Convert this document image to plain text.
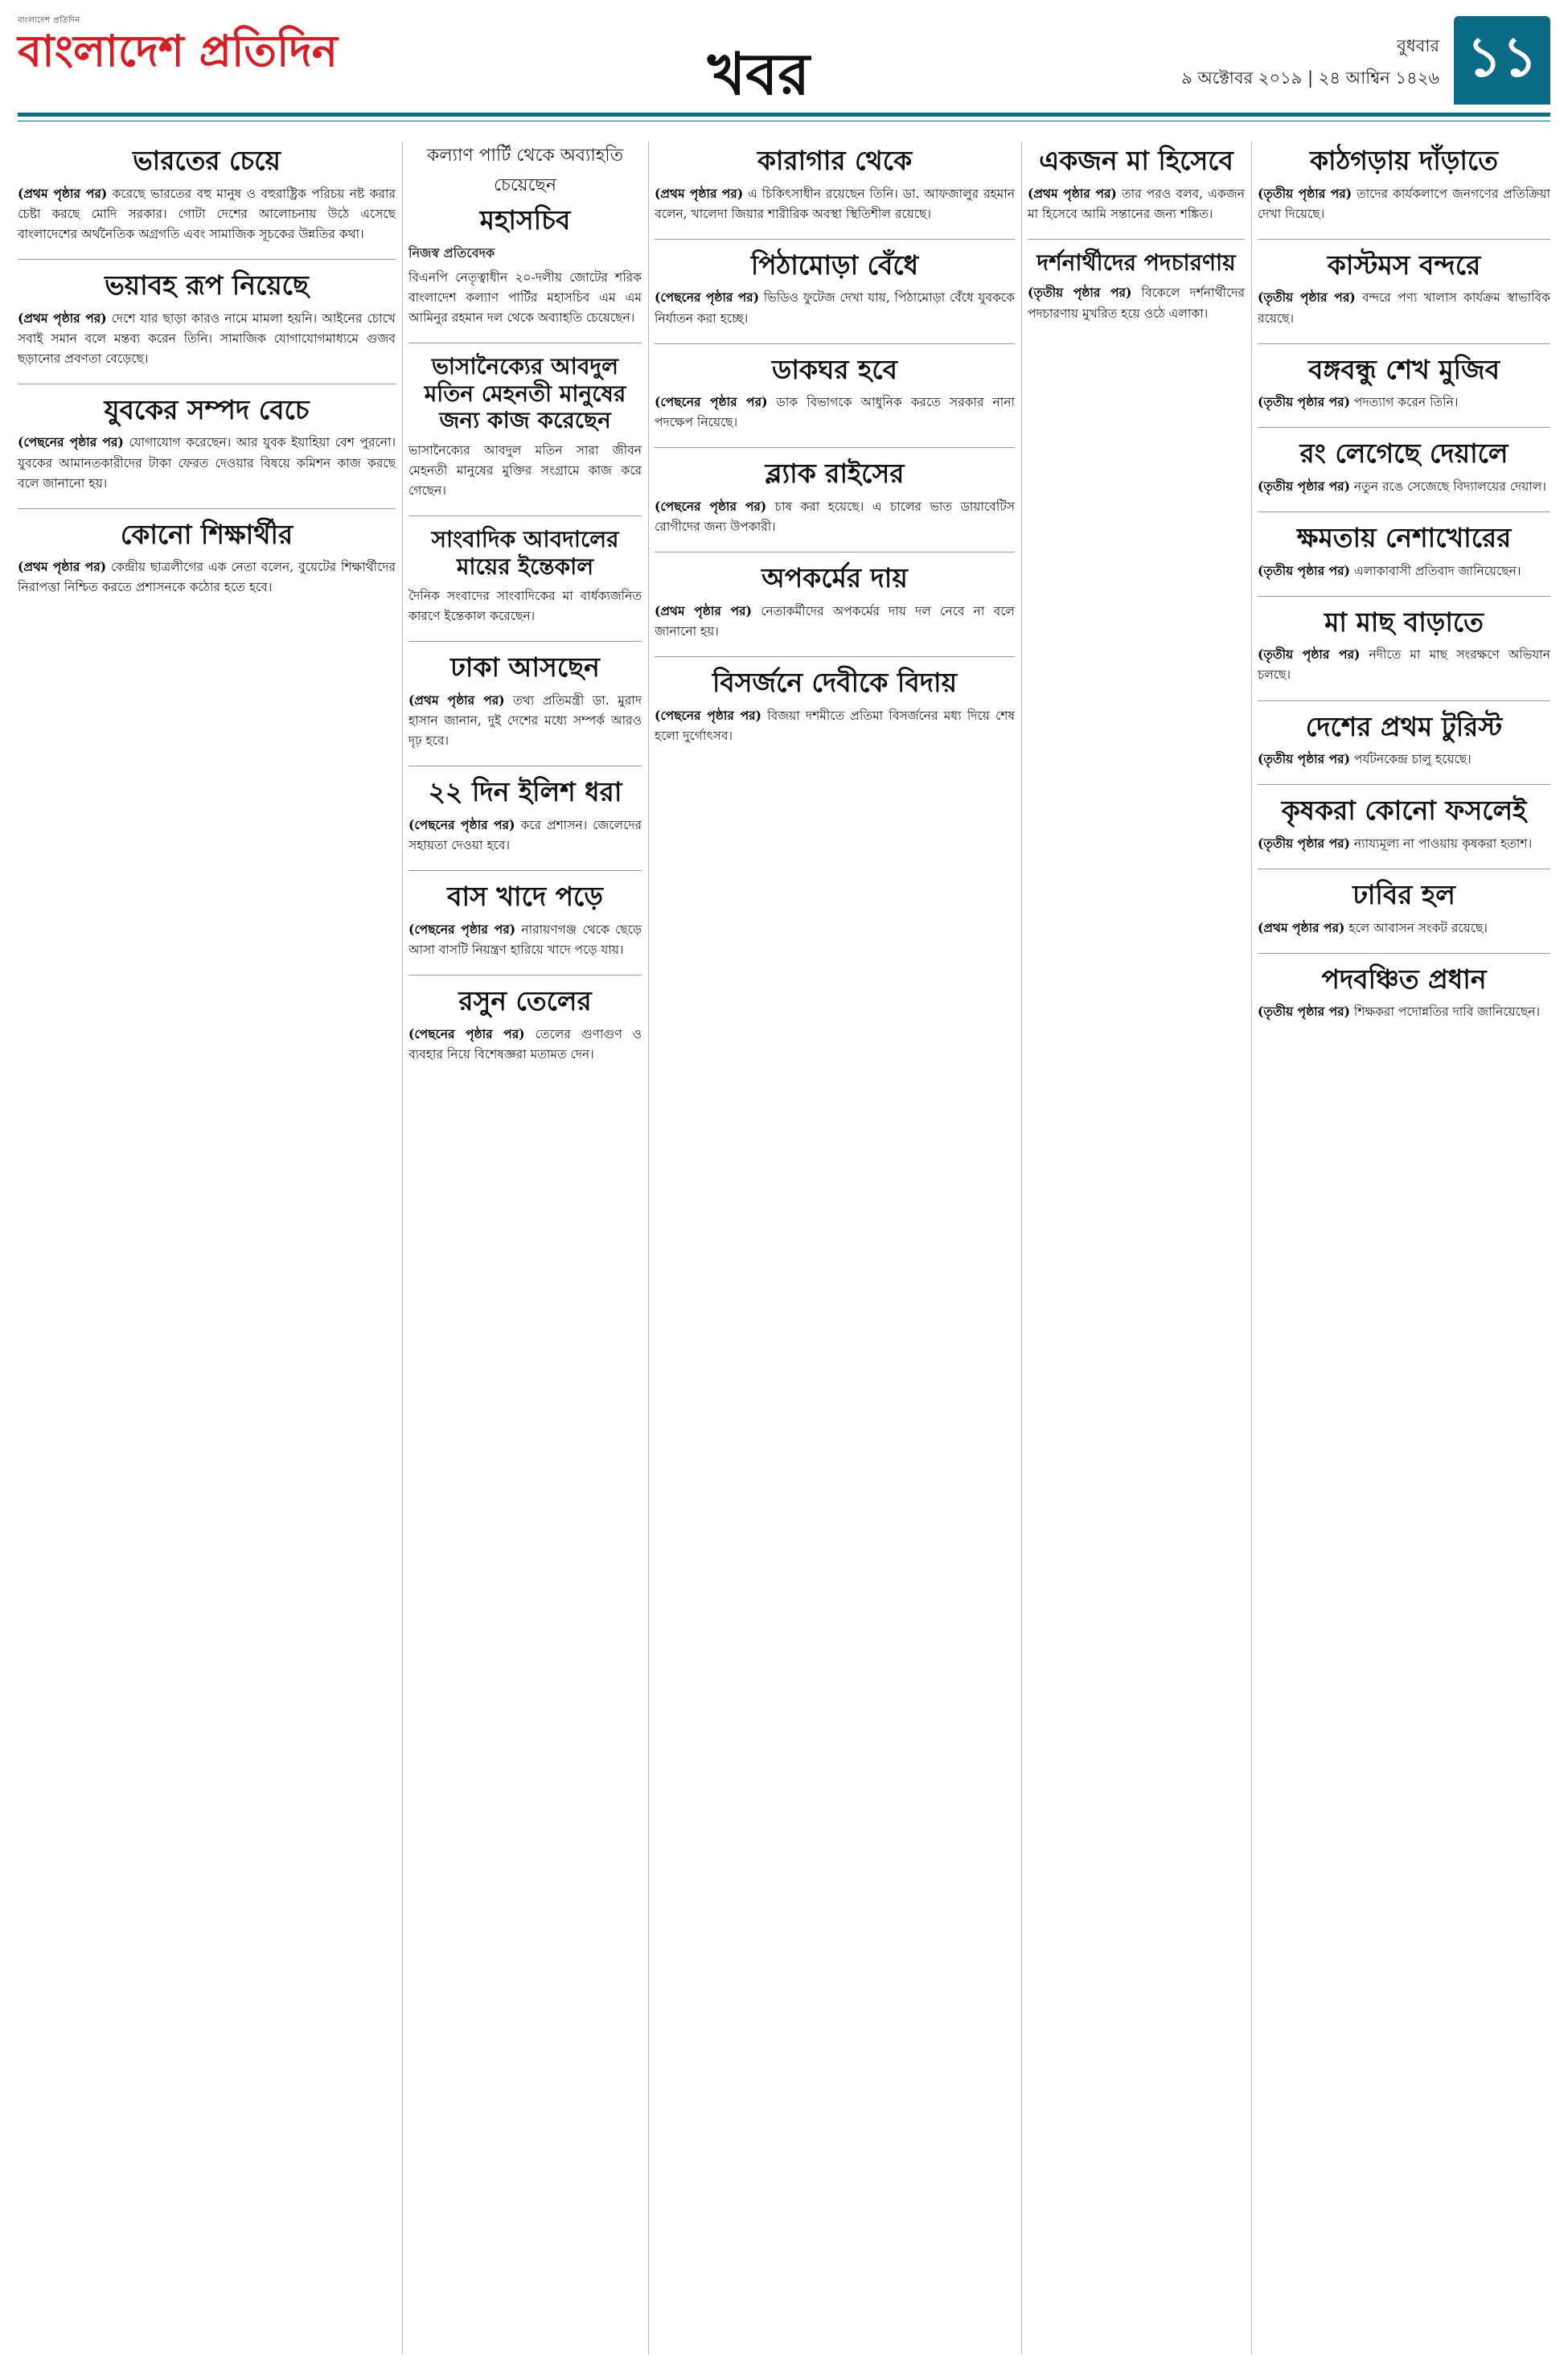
বাংলাদেশ প্রতিদিন
বাংলাদেশ প্রতিদিন	খবর	বুধবার
৯ অক্টোবর ২০১৯ | ২৪ আশ্বিন ১৪২৬ ১১
ভারতের চেয়ে
(প্রথম পৃষ্ঠার পর) করেছে ভারতের বহু মানুষ ও বহুরাষ্ট্রিক পরিচয় নষ্ট করার চেষ্টা করছে মোদি সরকার। গোটা দেশের আলোচনায় উঠে এসেছে বাংলাদেশের অর্থনৈতিক অগ্রগতি এবং সামাজিক সূচকের উন্নতির কথা।
ভয়াবহ রূপ নিয়েছে
(প্রথম পৃষ্ঠার পর) দেশে যার ছাড়া কারও নামে মামলা হয়নি। আইনের চোখে সবাই সমান বলে মন্তব্য করেন তিনি। সামাজিক যোগাযোগমাধ্যমে গুজব ছড়ানোর প্রবণতা বেড়েছে।
যুবকের সম্পদ বেচে
(পেছনের পৃষ্ঠার পর) যোগাযোগ করেছেন। আর যুবক ইয়াহিয়া বেশ পুরনো। যুবকের আমানতকারীদের টাকা ফেরত দেওয়ার বিষয়ে কমিশন কাজ করছে বলে জানানো হয়।
কোনো শিক্ষার্থীর
(প্রথম পৃষ্ঠার পর) কেন্দ্রীয় ছাত্রলীগের এক নেতা বলেন, বুয়েটের শিক্ষার্থীদের নিরাপত্তা নিশ্চিত করতে প্রশাসনকে কঠোর হতে হবে।
কল্যাণ পার্টি থেকে অব্যাহতি চেয়েছেন
মহাসচিব
নিজস্ব প্রতিবেদক
বিএনপি নেতৃত্বাধীন ২০-দলীয় জোটের শরিক বাংলাদেশ কল্যাণ পার্টির মহাসচিব এম এম আমিনুর রহমান দল থেকে অব্যাহতি চেয়েছেন।
ভাসানৈক্যের আবদুল মতিন মেহনতী মানুষের জন্য কাজ করেছেন
ভাসানৈক্যের আবদুল মতিন সারা জীবন মেহনতী মানুষের মুক্তির সংগ্রামে কাজ করে গেছেন।
সাংবাদিক আবদালের মায়ের ইন্তেকাল
দৈনিক সংবাদের সাংবাদিকের মা বার্ধক্যজনিত কারণে ইন্তেকাল করেছেন।
ঢাকা আসছেন
(প্রথম পৃষ্ঠার পর) তথ্য প্রতিমন্ত্রী ডা. মুরাদ হাসান জানান, দুই দেশের মধ্যে সম্পর্ক আরও দৃঢ় হবে।
২২ দিন ইলিশ ধরা
(পেছনের পৃষ্ঠার পর) করে প্রশাসন। জেলেদের সহায়তা দেওয়া হবে।
বাস খাদে পড়ে
(পেছনের পৃষ্ঠার পর) নারায়ণগঞ্জ থেকে ছেড়ে আসা বাসটি নিয়ন্ত্রণ হারিয়ে খাদে পড়ে যায়।
রসুন তেলের
(পেছনের পৃষ্ঠার পর) তেলের গুণাগুণ ও ব্যবহার নিয়ে বিশেষজ্ঞরা মতামত দেন।
কারাগার থেকে
(প্রথম পৃষ্ঠার পর) এ চিকিৎসাধীন রয়েছেন তিনি। ডা. আফজালুর রহমান বলেন, খালেদা জিয়ার শারীরিক অবস্থা স্থিতিশীল রয়েছে।
পিঠামোড়া বেঁধে
(পেছনের পৃষ্ঠার পর) ভিডিও ফুটেজ দেখা যায়, পিঠামোড়া বেঁধে যুবককে নির্যাতন করা হচ্ছে।
ডাকঘর হবে
(পেছনের পৃষ্ঠার পর) ডাক বিভাগকে আধুনিক করতে সরকার নানা পদক্ষেপ নিয়েছে।
ব্ল্যাক রাইসের
(পেছনের পৃষ্ঠার পর) চাষ করা হয়েছে। এ চালের ভাত ডায়াবেটিস রোগীদের জন্য উপকারী।
অপকর্মের দায়
(প্রথম পৃষ্ঠার পর) নেতাকর্মীদের অপকর্মের দায় দল নেবে না বলে জানানো হয়।
বিসর্জনে দেবীকে বিদায়
(পেছনের পৃষ্ঠার পর) বিজয়া দশমীতে প্রতিমা বিসর্জনের মধ্য দিয়ে শেষ হলো দুর্গোৎসব।
একজন মা হিসেবে
(প্রথম পৃষ্ঠার পর) তার পরও বলব, একজন মা হিসেবে আমি সন্তানের জন্য শঙ্কিত।
দর্শনার্থীদের পদচারণায়
(তৃতীয় পৃষ্ঠার পর) বিকেলে দর্শনার্থীদের পদচারণায় মুখরিত হয়ে ওঠে এলাকা।
কাঠগড়ায় দাঁড়াতে
(তৃতীয় পৃষ্ঠার পর) তাদের কার্যকলাপে জনগণের প্রতিক্রিয়া দেখা দিয়েছে।
কাস্টমস বন্দরে
(তৃতীয় পৃষ্ঠার পর) বন্দরে পণ্য খালাস কার্যক্রম স্বাভাবিক রয়েছে।
বঙ্গবন্ধু শেখ মুজিব
(তৃতীয় পৃষ্ঠার পর) পদত্যাগ করেন তিনি।
রং লেগেছে দেয়ালে
(তৃতীয় পৃষ্ঠার পর) নতুন রঙে সেজেছে বিদ্যালয়ের দেয়াল।
ক্ষমতায় নেশাখোরের
(তৃতীয় পৃষ্ঠার পর) এলাকাবাসী প্রতিবাদ জানিয়েছেন।
মা মাছ বাড়াতে
(তৃতীয় পৃষ্ঠার পর) নদীতে মা মাছ সংরক্ষণে অভিযান চলছে।
দেশের প্রথম টুরিস্ট
(তৃতীয় পৃষ্ঠার পর) পর্যটনকেন্দ্র চালু হয়েছে।
কৃষকরা কোনো ফসলেই
(তৃতীয় পৃষ্ঠার পর) ন্যায্যমূল্য না পাওয়ায় কৃষকরা হতাশ।
ঢাবির হল
(প্রথম পৃষ্ঠার পর) হলে আবাসন সংকট রয়েছে।
পদবঞ্চিত প্রধান
(তৃতীয় পৃষ্ঠার পর) শিক্ষকরা পদোন্নতির দাবি জানিয়েছেন।
